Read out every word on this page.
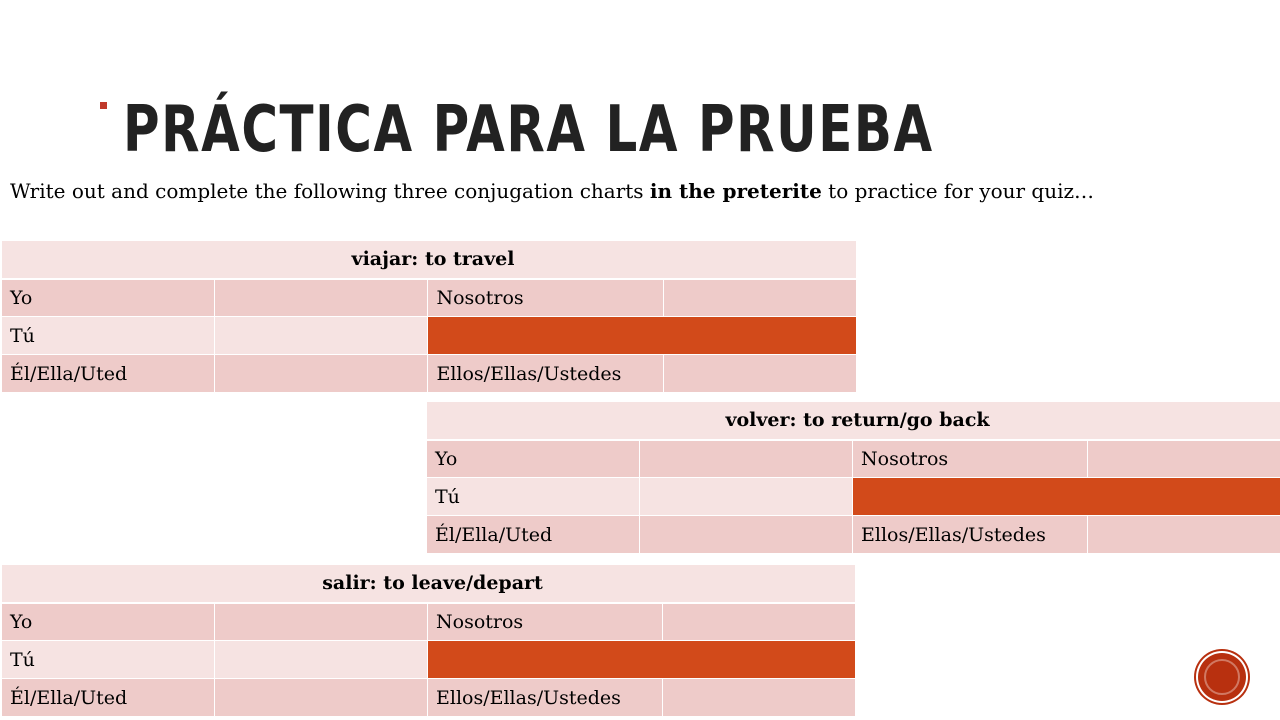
PRÁCTICA PARA LA PRUEBA
Write out and complete the following three conjugation charts in the preterite to practice for your quiz…
viajar: to travel			
Yo		Nosotros	
Tú			
Él/Ella/Uted		Ellos/Ellas/Ustedes	
volver: to return/go back			
Yo		Nosotros	
Tú			
Él/Ella/Uted		Ellos/Ellas/Ustedes	
salir: to leave/depart			
Yo		Nosotros	
Tú			
Él/Ella/Uted		Ellos/Ellas/Ustedes	
